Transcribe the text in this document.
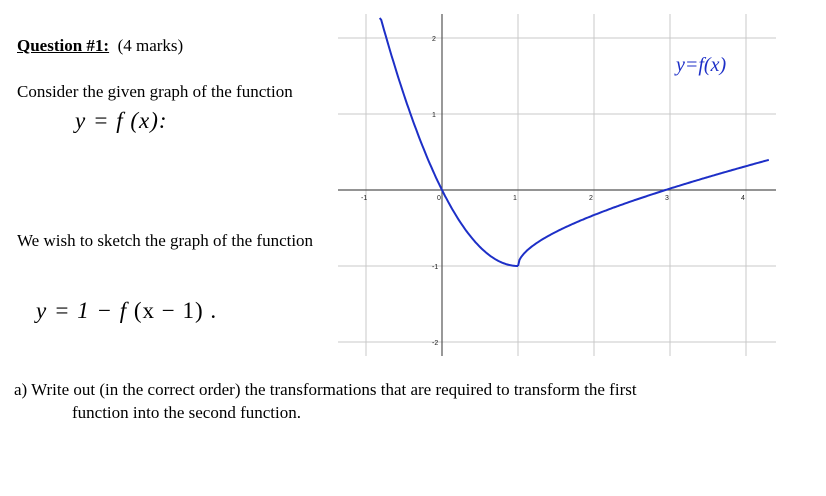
Question #1: (4 marks)
Consider the given graph of the function
y = f (x):
We wish to sketch the graph of the function
y = 1 − f (x − 1) .
a) Write out (in the correct order) the transformations that are required to transform the first
function into the second function.
-1	0	1	2	3	4
2
1
-1
-2
y=f(x)
